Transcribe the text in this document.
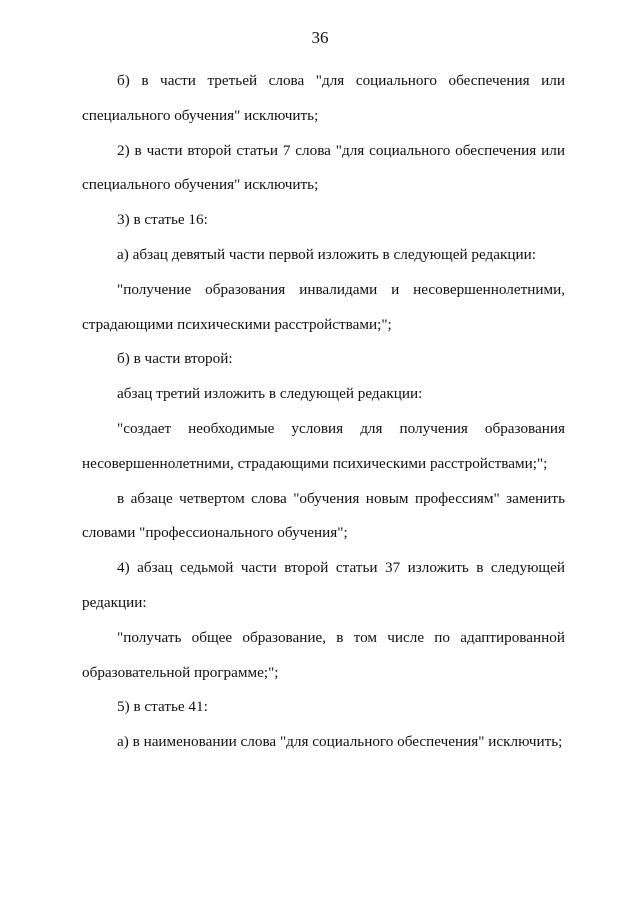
36

б) в части третьей слова "для социального обеспечения или

специального обучения" исключить;

2) в части второй статьи 7 слова "для социального обеспечения или

специального обучения" исключить;

3) в статье 16:

а) абзац девятый части первой изложить в следующей редакции:

"получение образования инвалидами и несовершеннолетними,

страдающими психическими расстройствами;";

б) в части второй:

абзац третий изложить в следующей редакции:

"создает необходимые условия для получения образования

несовершеннолетними, страдающими психическими расстройствами;";

в абзаце четвертом слова "обучения новым профессиям" заменить

словами "профессионального обучения";

4) абзац седьмой части второй статьи 37 изложить в следующей

редакции:

"получать общее образование, в том числе по адаптированной

образовательной программе;";

5) в статье 41:

а) в наименовании слова "для социального обеспечения" исключить;
